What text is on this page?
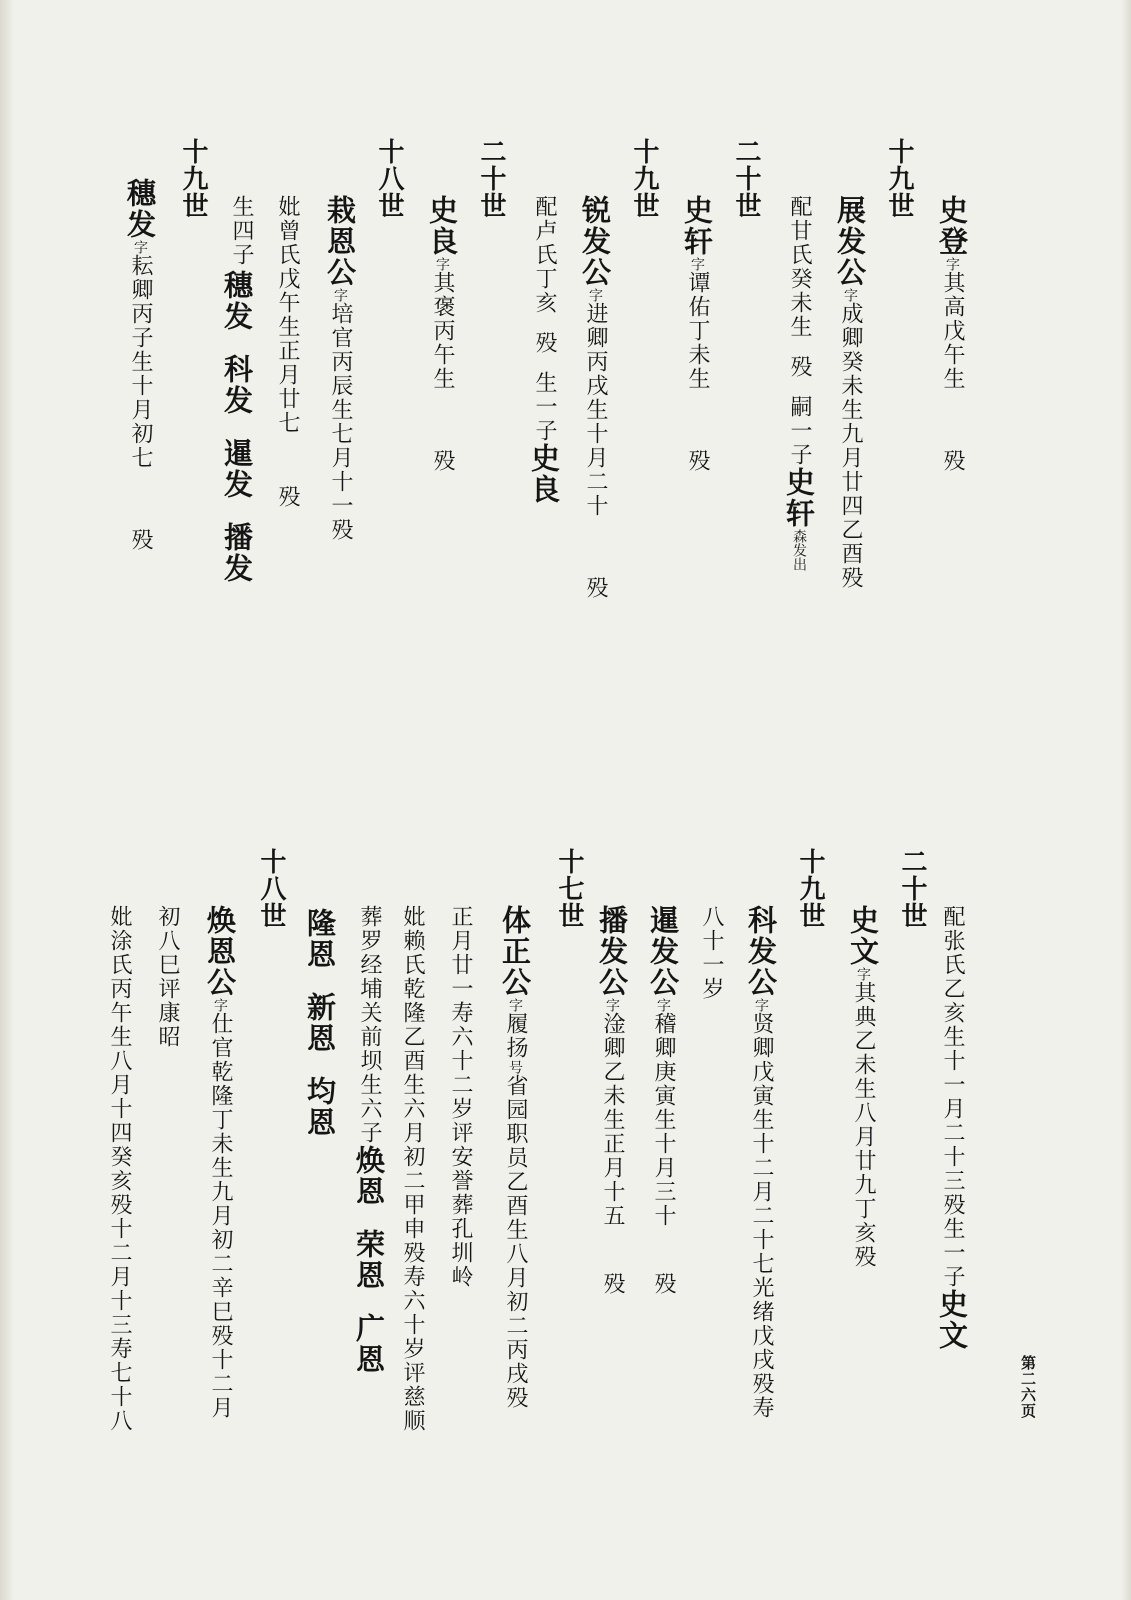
第二六页
史登字其高戊午生殁
十九世
展发公字成卿癸未生九月廿四乙酉殁
配甘氏癸未生殁嗣一子史轩森发出
二十世
史轩字谭佑丁未生殁
十九世
锐发公字进卿丙戌生十月二十殁
配卢氏丁亥殁生一子史良
二十世
史良字其褒丙午生殁
十八世
栽恩公字培官丙辰生七月十一殁
妣曾氏戊午生正月廿七殁
生四子
穗发科发暹发播发
十九世
穗发字耘卿丙子生十月初七殁
配张氏乙亥生十一月二十三殁生一子史文
二十世
史文字其典乙未生八月廿九丁亥殁
十九世
科发公字贤卿戊寅生十二月二十七光绪戊戌殁寿
八十一岁
暹发公字稽卿庚寅生十月三十殁
播发公字淦卿乙未生正月十五殁
十七世
体正公字履扬号省园职员乙酉生八月初二丙戌殁
正月廿一寿六十二岁评安誉葬孔圳岭
妣赖氏乾隆乙酉生六月初二甲申殁寿六十岁评慈顺
葬罗经埔关前坝生六子焕恩荣恩广恩
隆恩新恩均恩
十八世
焕恩公字仕官乾隆丁未生九月初二辛巳殁十二月
初八巳评康昭
妣涂氏丙午生八月十四癸亥殁十二月十三寿七十八
